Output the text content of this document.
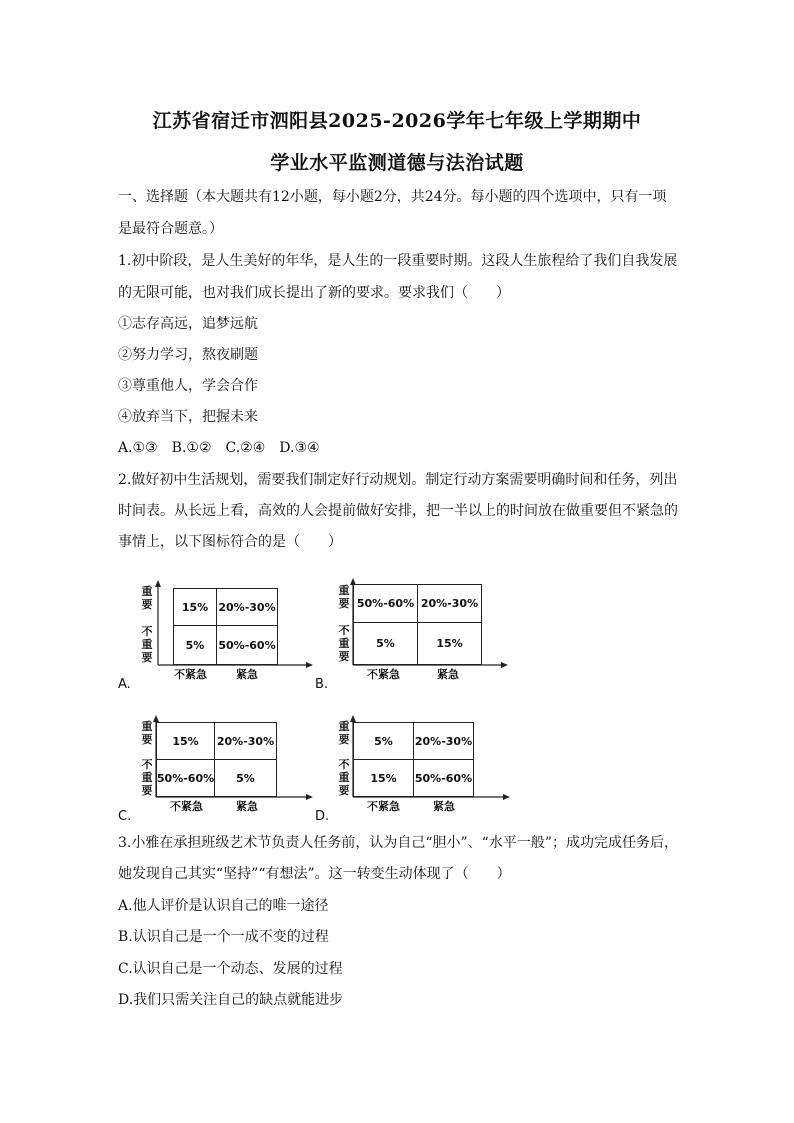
江苏省宿迁市泗阳县2025-2026学年七年级上学期期中
学业水平监测道德与法治试题
一、选择题（本大题共有12小题，每小题2分，共24分。每小题的四个选项中，只有一项
是最符合题意。）
1.初中阶段，是人生美好的年华，是人生的一段重要时期。这段人生旅程给了我们自我发展
的无限可能，也对我们成长提出了新的要求。要求我们（　　）
①志存高远，追梦远航
②努力学习，熬夜刷题
③尊重他人，学会合作
④放弃当下，把握未来
A.①③　B.①②　C.②④　D.③④
2.做好初中生活规划，需要我们制定好行动规划。制定行动方案需要明确时间和任务，列出
时间表。从长远上看，高效的人会提前做好安排，把一半以上的时间放在做重要但不紧急的
事情上，以下图标符合的是（　　）
15% 20%-30%
5%	50%-60%
重要
不重要
不紧急	紧急
A.
50%-60% 20%-30%
5%	15%
重要
不重要
不紧急	紧急
B.
15%	20%-30%
50%-60%	5%
重要
不重要
不紧急	紧急
C.
5%	20%-30%
15%	50%-60%
重要
不重要
不紧急	紧急
D.
3.小雅在承担班级艺术节负责人任务前，认为自己“胆小”、“水平一般”；成功完成任务后，
她发现自己其实“坚持”“有想法”。这一转变生动体现了（　　）
A.他人评价是认识自己的唯一途径
B.认识自己是一个一成不变的过程
C.认识自己是一个动态、发展的过程
D.我们只需关注自己的缺点就能进步
